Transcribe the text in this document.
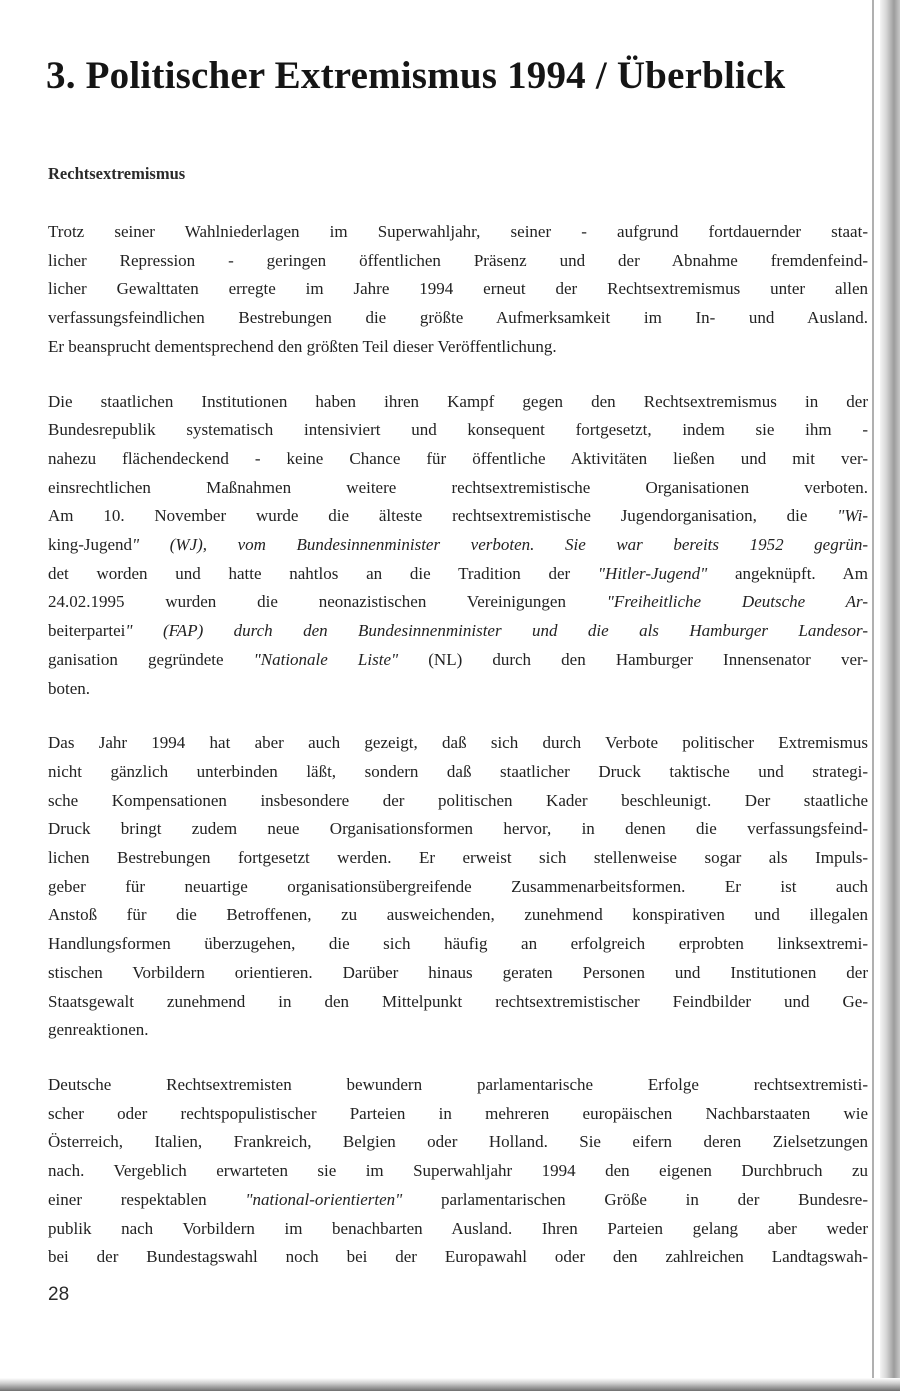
3. Politischer Extremismus 1994 / Überblick
Rechtsextremismus

Trotz seiner Wahlniederlagen im Superwahljahr, seiner - aufgrund fortdauernder staat-
licher Repression - geringen öffentlichen Präsenz und der Abnahme fremdenfeind-
licher Gewalttaten erregte im Jahre 1994 erneut der Rechtsextremismus unter allen
verfassungsfeindlichen Bestrebungen die größte Aufmerksamkeit im In- und Ausland.
Er beansprucht dementsprechend den größten Teil dieser Veröffentlichung.

Die staatlichen Institutionen haben ihren Kampf gegen den Rechtsextremismus in der
Bundesrepublik systematisch intensiviert und konsequent fortgesetzt, indem sie ihm -
nahezu flächendeckend - keine Chance für öffentliche Aktivitäten ließen und mit ver-
einsrechtlichen Maßnahmen weitere rechtsextremistische Organisationen verboten.
Am 10. November wurde die älteste rechtsextremistische Jugendorganisation, die "Wi-
king-Jugend" (WJ), vom Bundesinnenminister verboten. Sie war bereits 1952 gegrün-
det worden und hatte nahtlos an die Tradition der "Hitler-Jugend" angeknüpft. Am
24.02.1995 wurden die neonazistischen Vereinigungen "Freiheitliche Deutsche Ar-
beiterpartei" (FAP) durch den Bundesinnenminister und die als Hamburger Landesor-
ganisation gegründete "Nationale Liste" (NL) durch den Hamburger Innensenator ver-
boten.

Das Jahr 1994 hat aber auch gezeigt, daß sich durch Verbote politischer Extremismus
nicht gänzlich unterbinden läßt, sondern daß staatlicher Druck taktische und strategi-
sche Kompensationen insbesondere der politischen Kader beschleunigt. Der staatliche
Druck bringt zudem neue Organisationsformen hervor, in denen die verfassungsfeind-
lichen Bestrebungen fortgesetzt werden. Er erweist sich stellenweise sogar als Impuls-
geber für neuartige organisationsübergreifende Zusammenarbeitsformen. Er ist auch
Anstoß für die Betroffenen, zu ausweichenden, zunehmend konspirativen und illegalen
Handlungsformen überzugehen, die sich häufig an erfolgreich erprobten linksextremi-
stischen Vorbildern orientieren. Darüber hinaus geraten Personen und Institutionen der
Staatsgewalt zunehmend in den Mittelpunkt rechtsextremistischer Feindbilder und Ge-
genreaktionen.

Deutsche Rechtsextremisten bewundern parlamentarische Erfolge rechtsextremisti-
scher oder rechtspopulistischer Parteien in mehreren europäischen Nachbarstaaten wie
Österreich, Italien, Frankreich, Belgien oder Holland. Sie eifern deren Zielsetzungen
nach. Vergeblich erwarteten sie im Superwahljahr 1994 den eigenen Durchbruch zu
einer respektablen "national-orientierten" parlamentarischen Größe in der Bundesre-
publik nach Vorbildern im benachbarten Ausland. Ihren Parteien gelang aber weder
bei der Bundestagswahl noch bei der Europawahl oder den zahlreichen Landtagswah-

28
